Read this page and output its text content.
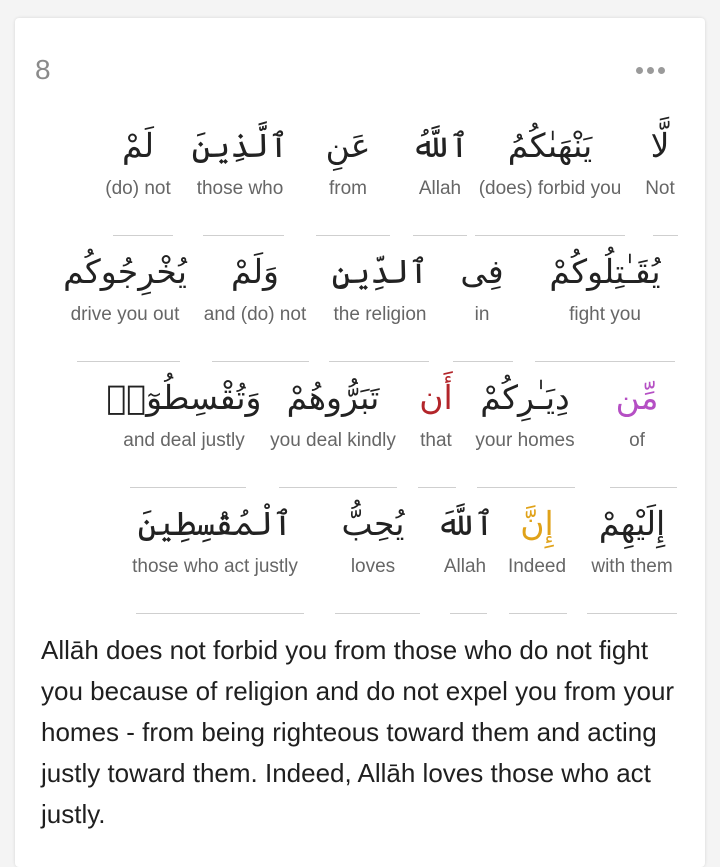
8
لَّا
Not
يَنْهَىٰكُمُ
(does) forbid you
ٱللَّهُ
Allah
عَنِ
from
ٱلَّذِينَ
those who
لَمْ
(do) not
يُقَـٰتِلُوكُمْ
fight you
فِى
in
ٱلدِّينِ
the religion
وَلَمْ
and (do) not
يُخْرِجُوكُم
drive you out
مِّن
of
دِيَـٰرِكُمْ
your homes
أَن
that
تَبَرُّوهُمْ
you deal kindly
وَتُقْسِطُوٓا۟
and deal justly
إِلَيْهِمْ
with them
إِنَّ
Indeed
ٱللَّهَ
Allah
يُحِبُّ
loves
ٱلْمُقْسِطِينَ
those who act justly
Allāh does not forbid you from those who do not fight you because of religion and do not expel you from your homes - from being righteous toward them and acting justly toward them. Indeed, Allāh loves those who act justly.
